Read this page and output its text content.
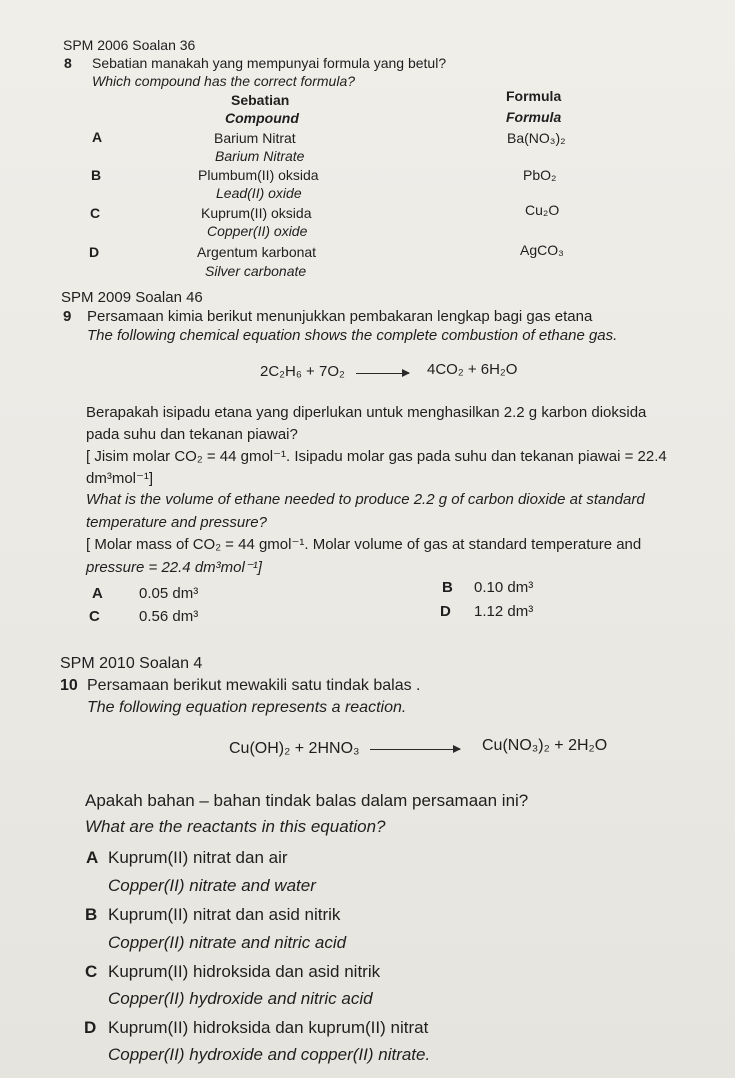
SPM 2006 Soalan 36
8 Sebatian manakah yang mempunyai formula yang betul?
Which compound has the correct formula?
Sebatian
Compound
Formula
Formula
A	Barium Nitrat
Barium Nitrate
Ba(NO₃)₂
B	Plumbum(II) oksida
Lead(II) oxide
PbO₂
C	Kuprum(II) oksida
Copper(II) oxide
Cu₂O
D	Argentum karbonat
Silver carbonate
AgCO₃
SPM 2009 Soalan 46
9 Persamaan kimia berikut menunjukkan pembakaran lengkap bagi gas etana
The following chemical equation shows the complete combustion of ethane gas.
2C₂H₆ + 7O₂	4CO₂ + 6H₂O
Berapakah isipadu etana yang diperlukan untuk menghasilkan 2.2 g karbon dioksida
pada suhu dan tekanan piawai?
[ Jisim molar CO₂ = 44 gmol⁻¹. Isipadu molar gas pada suhu dan tekanan piawai = 22.4
dm³mol⁻¹]
What is the volume of ethane needed to produce 2.2 g of carbon dioxide at standard
temperature and pressure?
[ Molar mass of CO₂ = 44 gmol⁻¹. Molar volume of gas at standard temperature and
pressure = 22.4 dm³mol⁻¹]
A 0.05 dm³	B 0.10 dm³
C	0.56 dm³	D 1.12 dm³
SPM 2010 Soalan 4
10 Persamaan berikut mewakili satu tindak balas .
The following equation represents a reaction.
Cu(OH)₂ + 2HNO₃	Cu(NO₃)₂ + 2H₂O
Apakah bahan – bahan tindak balas dalam persamaan ini?
What are the reactants in this equation?
A Kuprum(II) nitrat dan air
Copper(II) nitrate and water
B Kuprum(II) nitrat dan asid nitrik
Copper(II) nitrate and nitric acid
C Kuprum(II) hidroksida dan asid nitrik
Copper(II) hydroxide and nitric acid
D Kuprum(II) hidroksida dan kuprum(II) nitrat
Copper(II) hydroxide and copper(II) nitrate.
